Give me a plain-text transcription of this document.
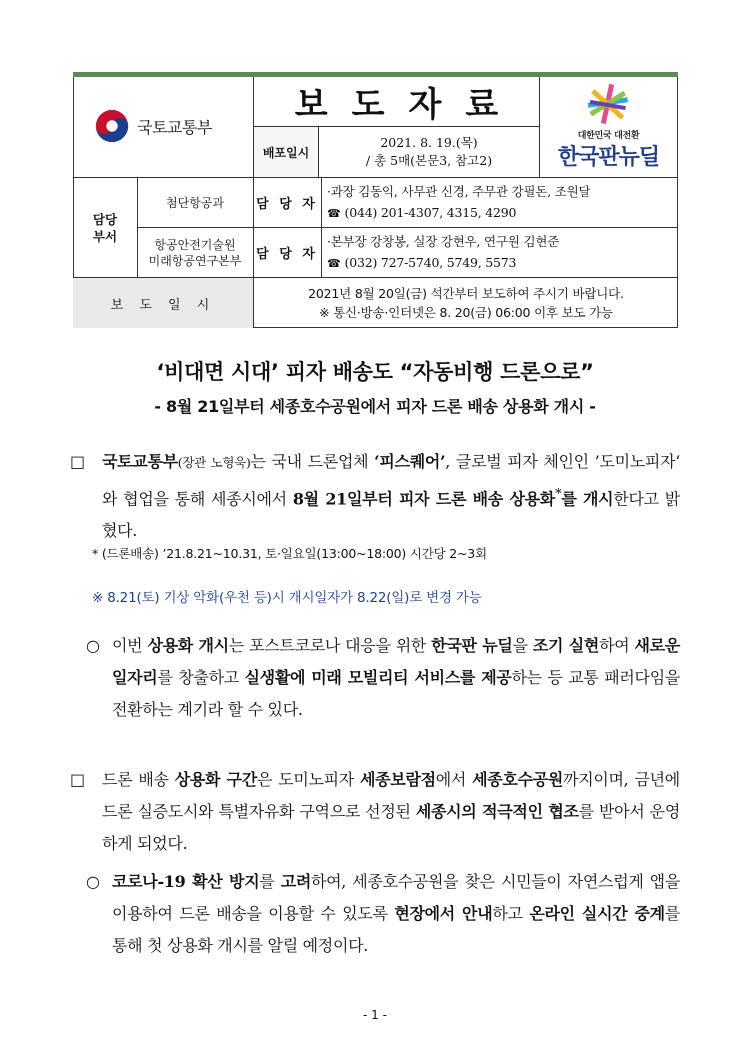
국토교통부
보도자료
배포일시
2021. 8. 19.(목)
/ 총 5매(본문3, 참고2)
대한민국 대전환
한국판뉴딜
담당
부서
첨단항공과 담 당 자
·과장 김동익, 사무관 신경, 주무관 강필돈, 조원달
☎ (044) 201-4307, 4315, 4290
항공안전기술원
미래항공연구본부 담 당 자
·본부장 강창봉, 실장 강현우, 연구원 김현준
☎ (032) 727-5740, 5749, 5573
보 도 일 시
2021년 8월 20일(금) 석간부터 보도하여 주시기 바랍니다.
※ 통신·방송·인터넷은 8. 20(금) 06:00 이후 보도 가능
‘비대면 시대’ 피자 배송도 “자동비행 드론으로”
- 8월 21일부터 세종호수공원에서 피자 드론 배송 상용화 개시 -
□ 국토교통부(장관 노형욱)는 국내 드론업체 ‘피스퀘어’, 글로벌 피자 체인인 ’도미노피자‘ 와 협업을 통해 세종시에서 8월 21일부터 피자 드론 배송 상용화*를 개시한다고 밝혔다.
* (드론배송) ’21.8.21~10.31, 토·일요일(13:00~18:00) 시간당 2~3회
※ 8.21(토) 기상 악화(우천 등)시 개시일자가 8.22(일)로 변경 가능
○ 이번 상용화 개시는 포스트코로나 대응을 위한 한국판 뉴딜을 조기 실현하여 새로운 일자리를 창출하고 실생활에 미래 모빌리티 서비스를 제공하는 등 교통 패러다임을 전환하는 계기라 할 수 있다.
□ 드론 배송 상용화 구간은 도미노피자 세종보람점에서 세종호수공원까지이며, 금년에 드론 실증도시와 특별자유화 구역으로 선정된 세종시의 적극적인 협조를 받아서 운영하게 되었다.
○ 코로나-19 확산 방지를 고려하여, 세종호수공원을 찾은 시민들이 자연스럽게 앱을 이용하여 드론 배송을 이용할 수 있도록 현장에서 안내하고 온라인 실시간 중계를 통해 첫 상용화 개시를 알릴 예정이다.
- 1 -
